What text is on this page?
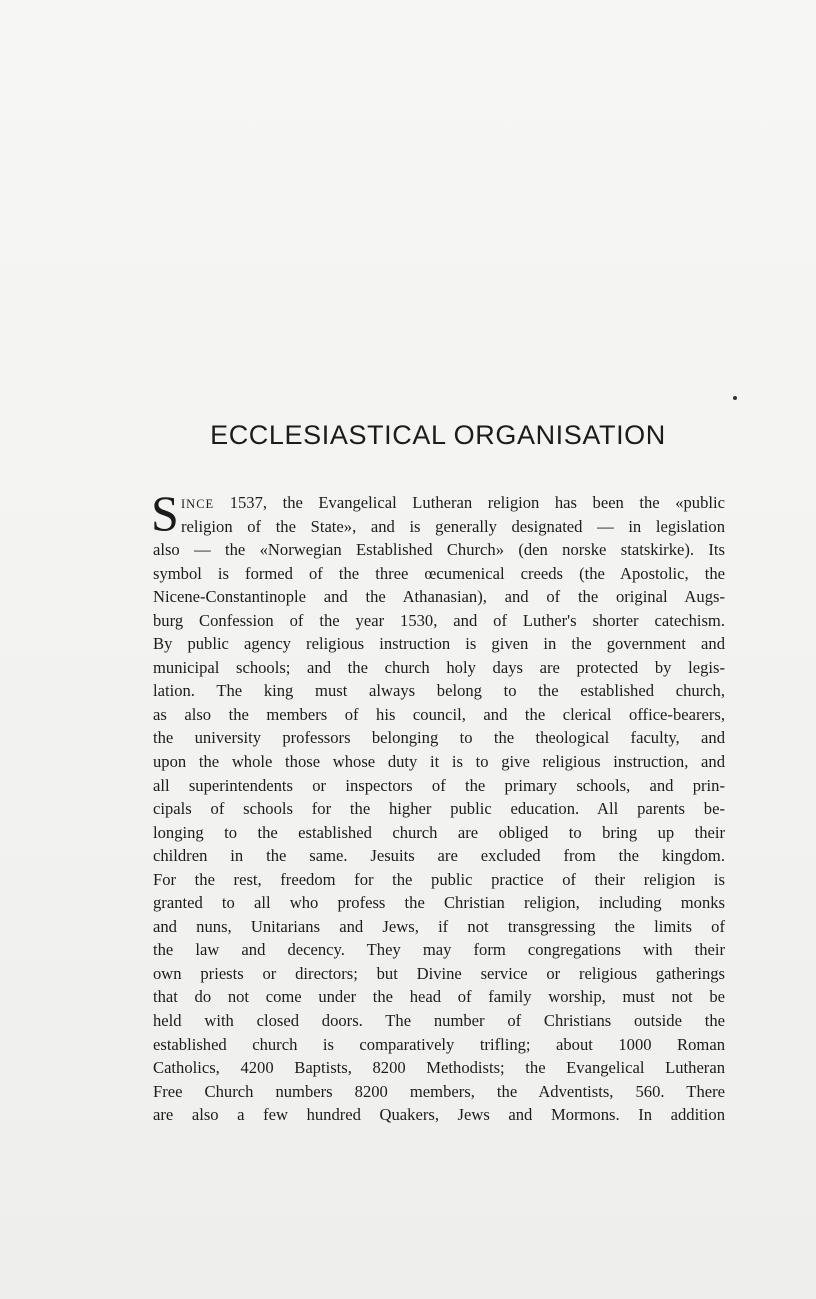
ECCLESIASTICAL ORGANISATION
S INCE 1537, the Evangelical Lutheran religion has been the «public
religion of the State», and is generally designated — in legislation
also — the «Norwegian Established Church» (den norske statskirke). Its
symbol is formed of the three œcumenical creeds (the Apostolic, the
Nicene-Constantinople and the Athanasian), and of the original Augs-
burg Confession of the year 1530, and of Luther's shorter catechism.
By public agency religious instruction is given in the government and
municipal schools; and the church holy days are protected by legis-
lation. The king must always belong to the established church,
as also the members of his council, and the clerical office-bearers,
the university professors belonging to the theological faculty, and
upon the whole those whose duty it is to give religious instruction, and
all superintendents or inspectors of the primary schools, and prin-
cipals of schools for the higher public education. All parents be-
longing to the established church are obliged to bring up their
children in the same. Jesuits are excluded from the kingdom.
For the rest, freedom for the public practice of their religion is
granted to all who profess the Christian religion, including monks
and nuns, Unitarians and Jews, if not transgressing the limits of
the law and decency. They may form congregations with their
own priests or directors; but Divine service or religious gatherings
that do not come under the head of family worship, must not be
held with closed doors. The number of Christians outside the
established church is comparatively trifling; about 1000 Roman
Catholics, 4200 Baptists, 8200 Methodists; the Evangelical Lutheran
Free Church numbers 8200 members, the Adventists, 560. There
are also a few hundred Quakers, Jews and Mormons. In addition
